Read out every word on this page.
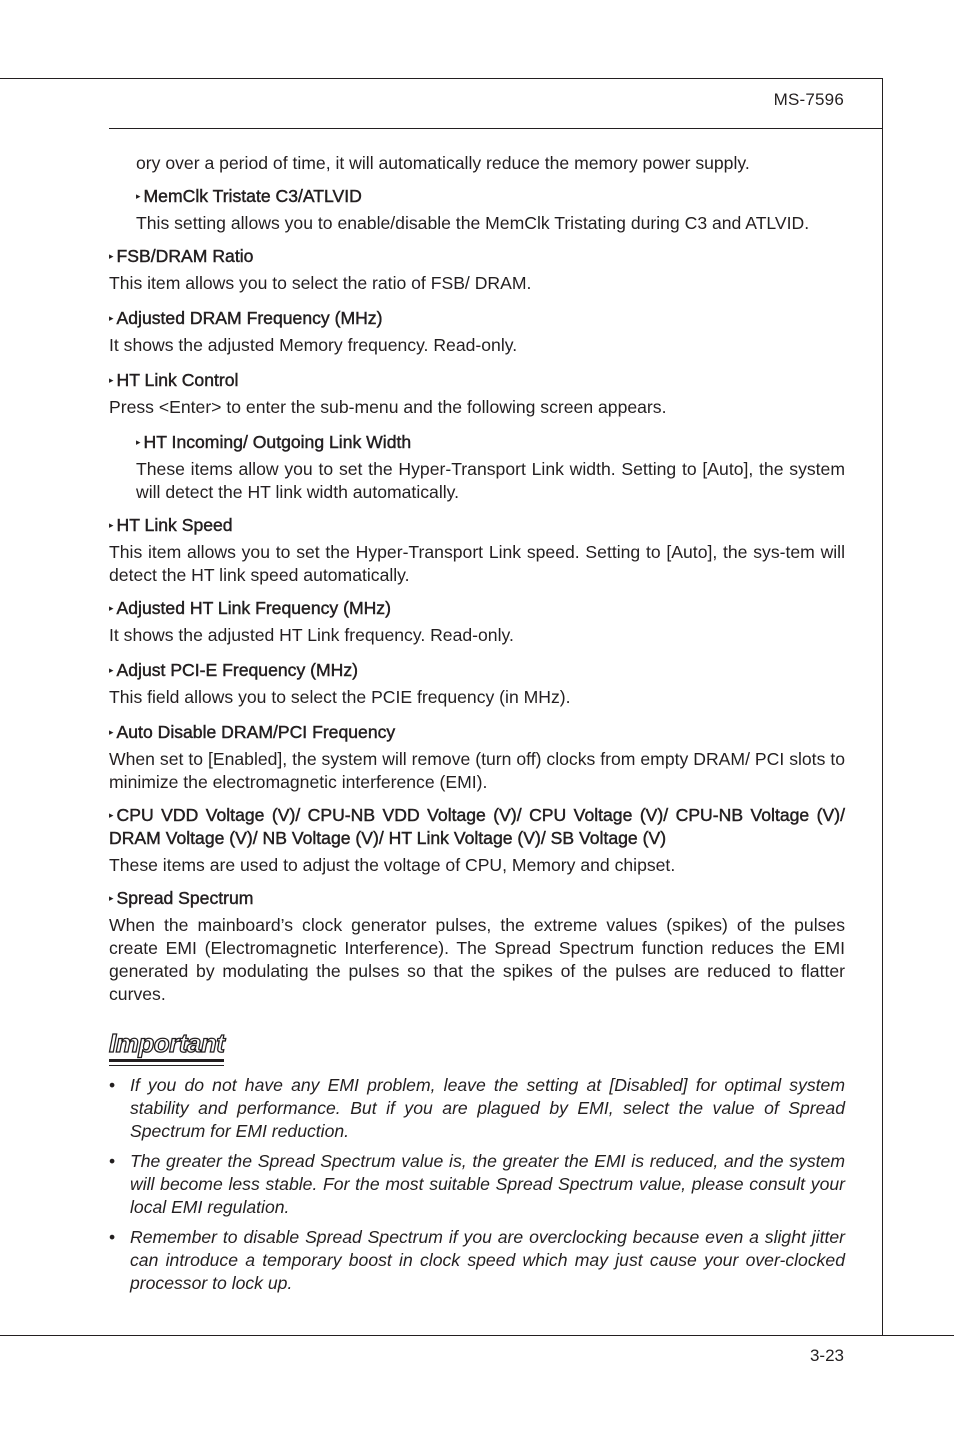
MS-7596

ory over a period of time, it will automatically reduce the memory power supply.

▸ MemClk Tristate C3/ATLVID

This setting allows you to enable/disable the MemClk Tristating during C3 and ATLVID.

▸ FSB/DRAM Ratio

This item allows you to select the ratio of FSB/ DRAM.

▸ Adjusted DRAM Frequency (MHz)

It shows the adjusted Memory frequency. Read-only.

▸ HT Link Control

Press <Enter> to enter the sub-menu and the following screen appears.

▸ HT Incoming/ Outgoing Link Width

These items allow you to set the Hyper-Transport Link width. Setting to [Auto], the system will detect the HT link width automatically.

▸ HT Link Speed

This item allows you to set the Hyper-Transport Link speed. Setting to [Auto], the sys-tem will detect the HT link speed automatically.

▸ Adjusted HT Link Frequency (MHz)

It shows the adjusted HT Link frequency. Read-only.

▸ Adjust PCI-E Frequency (MHz)

This field allows you to select the PCIE frequency (in MHz).

▸ Auto Disable DRAM/PCI Frequency

When set to [Enabled], the system will remove (turn off) clocks from empty DRAM/ PCI slots to minimize the electromagnetic interference (EMI).

▸ CPU VDD Voltage (V)/ CPU-NB VDD Voltage (V)/ CPU Voltage (V)/ CPU-NB Voltage (V)/ DRAM Voltage (V)/ NB Voltage (V)/ HT Link Voltage (V)/ SB Voltage (V)

These items are used to adjust the voltage of CPU, Memory and chipset.

▸ Spread Spectrum

When the mainboard’s clock generator pulses, the extreme values (spikes) of the pulses create EMI (Electromagnetic Interference). The Spread Spectrum function reduces the EMI generated by modulating the pulses so that the spikes of the pulses are reduced to flatter curves.

Important
• If you do not have any EMI problem, leave the setting at [Disabled] for optimal system stability and performance. But if you are plagued by EMI, select the value of Spread Spectrum for EMI reduction.
• The greater the Spread Spectrum value is, the greater the EMI is reduced, and the system will become less stable. For the most suitable Spread Spectrum value, please consult your local EMI regulation.
• Remember to disable Spread Spectrum if you are overclocking because even a slight jitter can introduce a temporary boost in clock speed which may just cause your over-clocked processor to lock up.
3-23
